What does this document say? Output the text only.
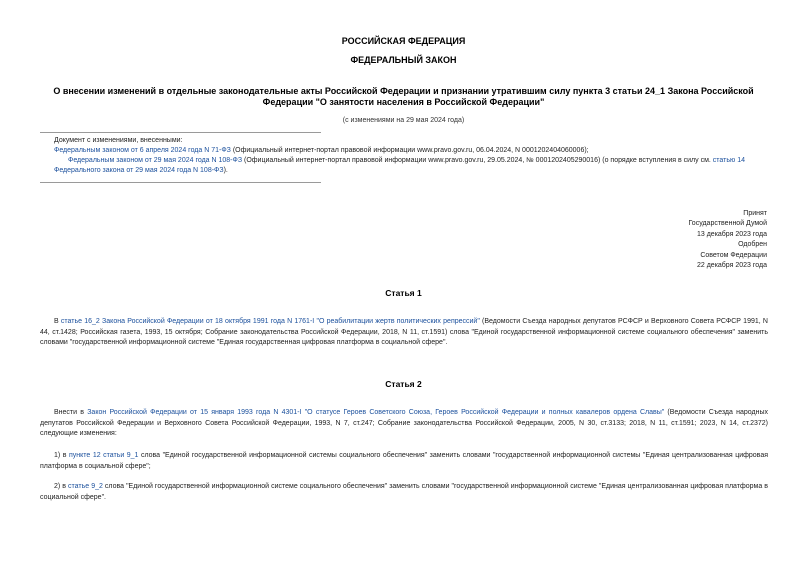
РОССИЙСКАЯ ФЕДЕРАЦИЯ
ФЕДЕРАЛЬНЫЙ ЗАКОН
О внесении изменений в отдельные законодательные акты Российской Федерации и признании утратившим силу пункта 3 статьи 24_1 Закона Российской Федерации "О занятости населения в Российской Федерации"
(с изменениями на 29 мая 2024 года)
Документ с изменениями, внесенными:
Федеральным законом от 6 апреля 2024 года N 71-ФЗ (Официальный интернет-портал правовой информации www.pravo.gov.ru, 06.04.2024, N 0001202404060006);
Федеральным законом от 29 мая 2024 года N 108-ФЗ (Официальный интернет-портал правовой информации www.pravo.gov.ru, 29.05.2024, № 0001202405290016) (о порядке вступления в силу см. статью 14 Федерального закона от 29 мая 2024 года N 108-ФЗ).
Принят
Государственной Думой
13 декабря 2023 года
Одобрен
Советом Федерации
22 декабря 2023 года
Статья 1
В статье 16_2 Закона Российской Федерации от 18 октября 1991 года N 1761-I "О реабилитации жертв политических репрессий" (Ведомости Съезда народных депутатов РСФСР и Верховного Совета РСФСР 1991, N 44, ст.1428; Российская газета, 1993, 15 октября; Собрание законодательства Российской Федерации, 2018, N 11, ст.1591) слова "Единой государственной информационной системе социального обеспечения" заменить словами "государственной информационной системе "Единая государственная цифровая платформа в социальной сфере".
Статья 2
Внести в Закон Российской Федерации от 15 января 1993 года N 4301-I "О статусе Героев Советского Союза, Героев Российской Федерации и полных кавалеров ордена Славы" (Ведомости Съезда народных депутатов Российской Федерации и Верховного Совета Российской Федерации, 1993, N 7, ст.247; Собрание законодательства Российской Федерации, 2005, N 30, ст.3133; 2018, N 11, ст.1591; 2023, N 14, ст.2372) следующие изменения:
1) в пункте 12 статьи 9_1 слова "Единой государственной информационной системы социального обеспечения" заменить словами "государственной информационной системы "Единая централизованная цифровая платформа в социальной сфере";
2) в статье 9_2 слова "Единой государственной информационной системе социального обеспечения" заменить словами "государственной информационной системе "Единая централизованная цифровая платформа в социальной сфере".
